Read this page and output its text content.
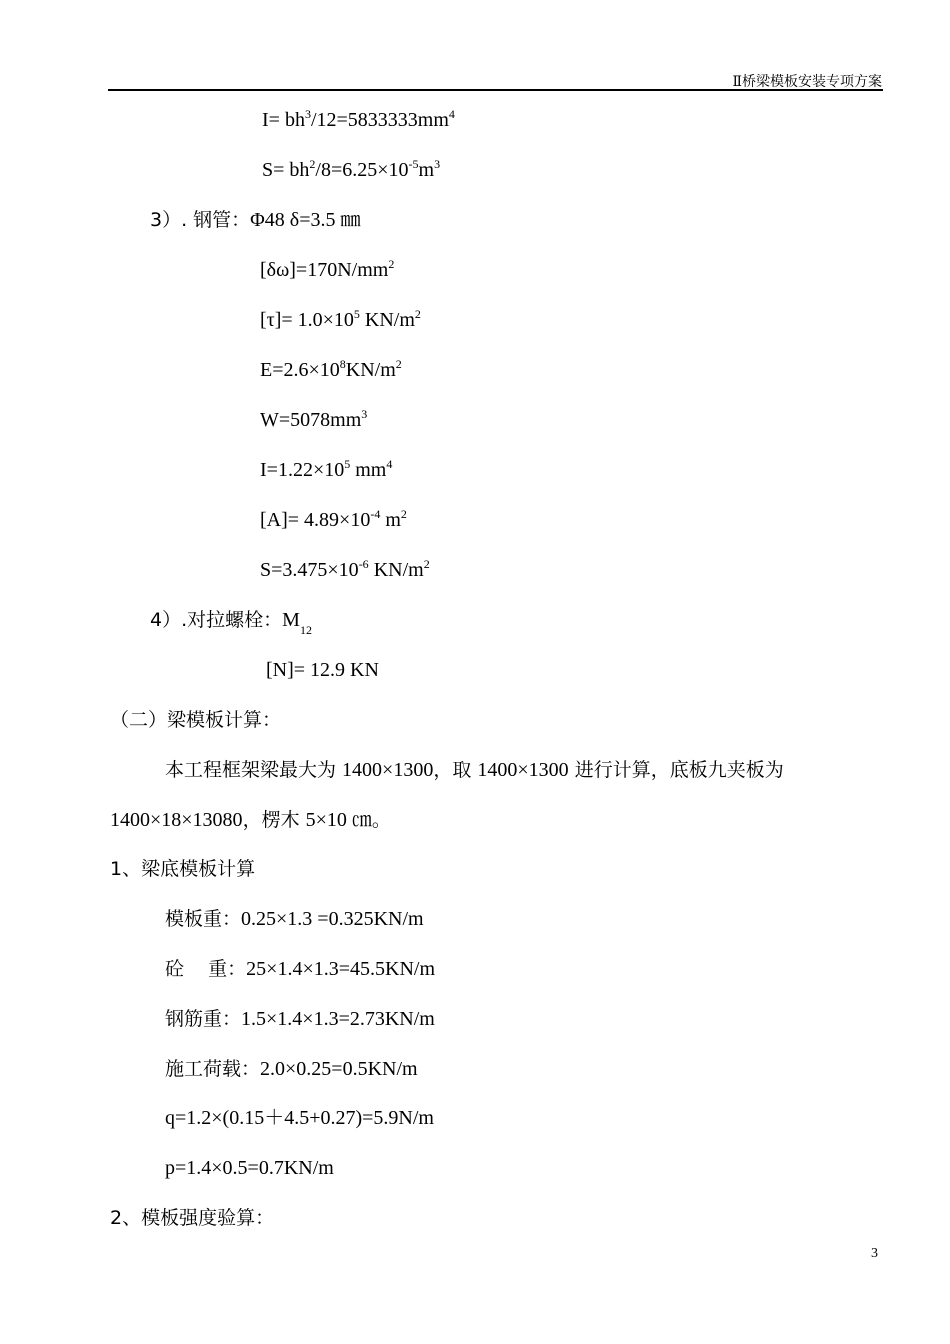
Ⅱ桥梁模板安装专项方案
$I= bh^3/12=5833333mm^4$
$S= bh^2/8=6.25\times 10^{-5}m^3$
3）. 钢管：Φ48 δ=3.5 ㎜
$[\delta\omega]=170N/mm^2$
$[\tau]= 1.0\times 10^5$ $KN/m^2$
$E=2.6\times 10^8KN/m^2$
$W=5078mm^3$
$I=1.22\times 10^5$ $mm^4$
$[A]= 4.89\times 10^{-4}$ $m^2$
$S=3.475\times 10^{-6}$ $KN/m^2$
4）.对拉螺栓：$M_{12}$
[N]= 12.9 KN
（二）梁模板计算：
本工程框架梁最大为 1400×1300，取 1400×1300 进行计算，底板九夹板为
1400×18×13080，楞木 5×10 ㎝。
1、梁底模板计算
模板重：0.25×1.3 =0.325KN/m
砼    重：25×1.4×1.3=45.5KN/m
钢筋重：1.5×1.4×1.3=2.73KN/m
施工荷载：2.0×0.25=0.5KN/m
q=1.2×(0.15＋4.5+0.27)=5.9N/m
p=1.4×0.5=0.7KN/m
2、模板强度验算：
3
